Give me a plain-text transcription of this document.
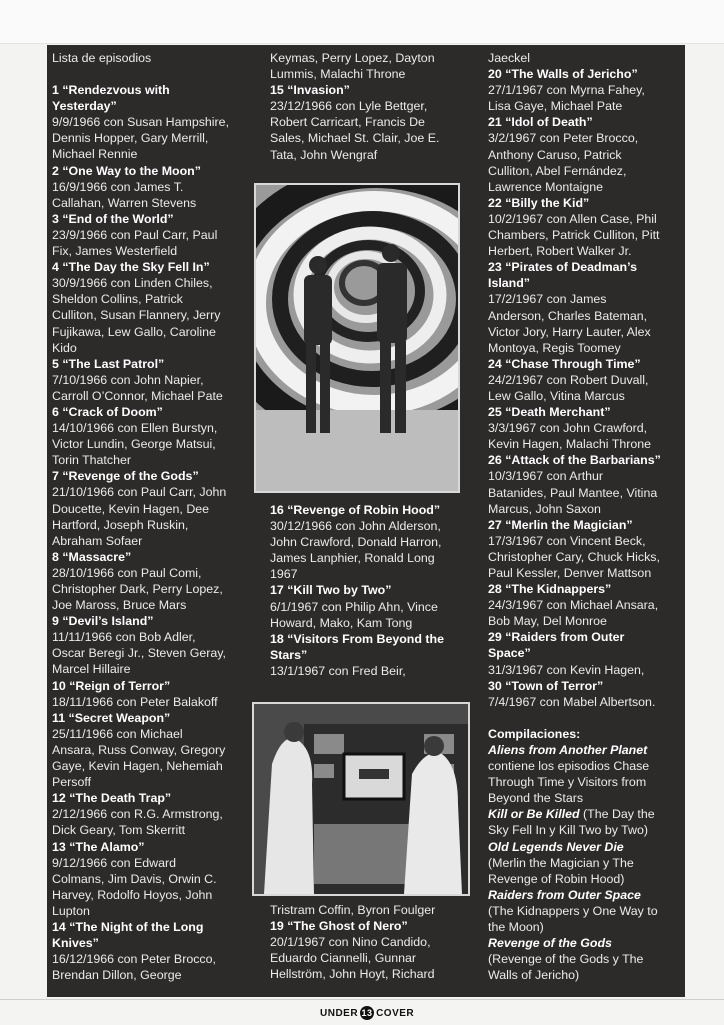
Lista de episodios
1 “Rendezvous with
Yesterday”
9/9/1966 con Susan Hampshire,
Dennis Hopper, Gary Merrill,
Michael Rennie
2 “One Way to the Moon”
16/9/1966 con James T.
Callahan, Warren Stevens
3 “End of the World”
23/9/1966 con Paul Carr, Paul
Fix, James Westerfield
4 “The Day the Sky Fell In”
30/9/1966 con Linden Chiles,
Sheldon Collins, Patrick
Culliton, Susan Flannery, Jerry
Fujikawa, Lew Gallo, Caroline
Kido
5 “The Last Patrol”
7/10/1966 con John Napier,
Carroll O’Connor, Michael Pate
6 “Crack of Doom”
14/10/1966 con Ellen Burstyn,
Victor Lundin, George Matsui,
Torin Thatcher
7 “Revenge of the Gods”
21/10/1966 con Paul Carr, John
Doucette, Kevin Hagen, Dee
Hartford, Joseph Ruskin,
Abraham Sofaer
8 “Massacre”
28/10/1966 con Paul Comi,
Christopher Dark, Perry Lopez,
Joe Maross, Bruce Mars
9 “Devil’s Island”
11/11/1966 con Bob Adler,
Oscar Beregi Jr., Steven Geray,
Marcel Hillaire
10 “Reign of Terror”
18/11/1966 con Peter Balakoff
11 “Secret Weapon”
25/11/1966 con Michael
Ansara, Russ Conway, Gregory
Gaye, Kevin Hagen, Nehemiah
Persoff
12 “The Death Trap”
2/12/1966 con R.G. Armstrong,
Dick Geary, Tom Skerritt
13 “The Alamo”
9/12/1966 con Edward
Colmans, Jim Davis, Orwin C.
Harvey, Rodolfo Hoyos, John
Lupton
14 “The Night of the Long
Knives”
16/12/1966 con Peter Brocco,
Brendan Dillon, George
Keymas, Perry Lopez, Dayton
Lummis, Malachi Throne
15 “Invasion”
23/12/1966 con Lyle Bettger,
Robert Carricart, Francis De
Sales, Michael St. Clair, Joe E.
Tata, John Wengraf
16 “Revenge of Robin Hood”
30/12/1966 con John Alderson,
John Crawford, Donald Harron,
James Lanphier, Ronald Long
1967
17 “Kill Two by Two”
6/1/1967 con Philip Ahn, Vince
Howard, Mako, Kam Tong
18 “Visitors From Beyond the
Stars”
13/1/1967 con Fred Beir,
Tristram Coffin, Byron Foulger
19 “The Ghost of Nero”
20/1/1967 con Nino Candido,
Eduardo Ciannelli, Gunnar
Hellström, John Hoyt, Richard
Jaeckel
20 “The Walls of Jericho”
27/1/1967 con Myrna Fahey,
Lisa Gaye, Michael Pate
21 “Idol of Death”
3/2/1967 con Peter Brocco,
Anthony Caruso, Patrick
Culliton, Abel Fernández,
Lawrence Montaigne
22 “Billy the Kid”
10/2/1967 con Allen Case, Phil
Chambers, Patrick Culliton, Pitt
Herbert, Robert Walker Jr.
23 “Pirates of Deadman’s
Island”
17/2/1967 con James
Anderson, Charles Bateman,
Victor Jory, Harry Lauter, Alex
Montoya, Regis Toomey
24 “Chase Through Time”
24/2/1967 con Robert Duvall,
Lew Gallo, Vitina Marcus
25 “Death Merchant”
3/3/1967 con John Crawford,
Kevin Hagen, Malachi Throne
26 “Attack of the Barbarians”
10/3/1967 con Arthur
Batanides, Paul Mantee, Vitina
Marcus, John Saxon
27 “Merlin the Magician”
17/3/1967 con Vincent Beck,
Christopher Cary, Chuck Hicks,
Paul Kessler, Denver Mattson
28 “The Kidnappers”
24/3/1967 con Michael Ansara,
Bob May, Del Monroe
29 “Raiders from Outer
Space”
31/3/1967 con Kevin Hagen,
30 “Town of Terror”
7/4/1967 con Mabel Albertson.
Compilaciones:
Aliens from Another Planet
contiene los episodios Chase
Through Time y Visitors from
Beyond the Stars
Kill or Be Killed (The Day the
Sky Fell In y Kill Two by Two)
Old Legends Never Die
(Merlin the Magician y The
Revenge of Robin Hood)
Raiders from Outer Space
(The Kidnappers y One Way to
the Moon)
Revenge of the Gods
(Revenge of the Gods y The
Walls of Jericho)
UNDER 13 COVER
